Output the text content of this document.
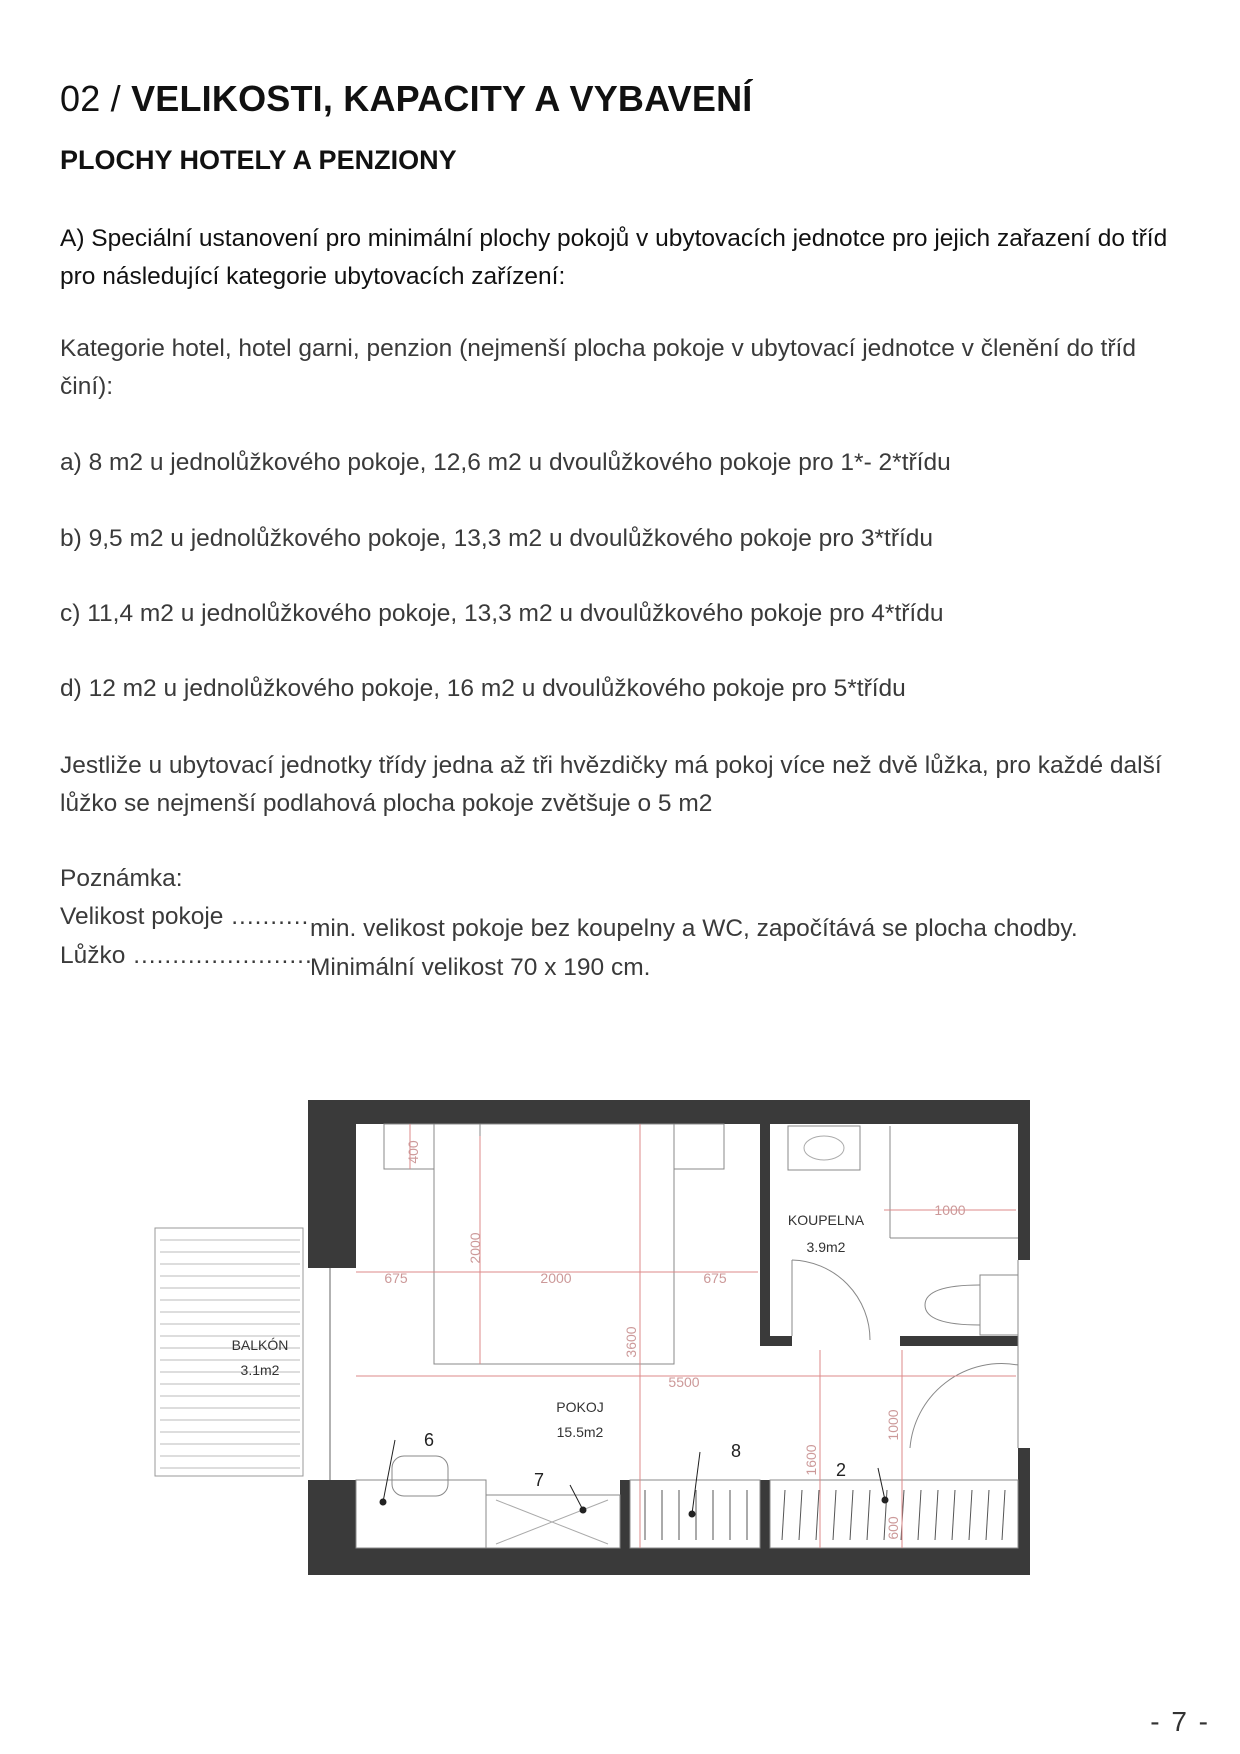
02 / VELIKOSTI, KAPACITY A VYBAVENÍ
PLOCHY HOTELY A PENZIONY

A) Speciální ustanovení pro minimální plochy pokojů v ubytovacích jednotce pro jejich zařazení do tříd pro následující kategorie ubytovacích zařízení:

Kategorie hotel, hotel garni, penzion (nejmenší plocha pokoje v ubytovací jednotce v členění do tříd činí):

a) 8 m2 u jednolůžkového pokoje, 12,6 m2 u dvoulůžkového pokoje pro 1*- 2*třídu

b) 9,5 m2 u jednolůžkového pokoje, 13,3 m2 u dvoulůžkového pokoje pro 3*třídu

c) 11,4 m2 u jednolůžkového pokoje, 13,3 m2 u dvoulůžkového pokoje pro 4*třídu

d) 12 m2 u jednolůžkového pokoje, 16 m2 u dvoulůžkového pokoje pro 5*třídu

Jestliže u ubytovací jednotky třídy jedna až tři hvězdičky má pokoj více než dvě lůžka, pro každé další lůžko se nejmenší podlahová plocha pokoje zvětšuje o 5 m2

Poznámka:

Velikost pokoje .....	min. velikost pokoje bez koupelny a WC, započítává se plocha chodby.
Lůžko .....	Minimální velikost 70 x 190 cm.
BALKÓN
3.1m2
KOUPELNA
3.9m2
POKOJ
15.5m2
675	2000	675
5500
1000
400
2000
3600
1000
1600
600
6
7
8
2
- 7 -
